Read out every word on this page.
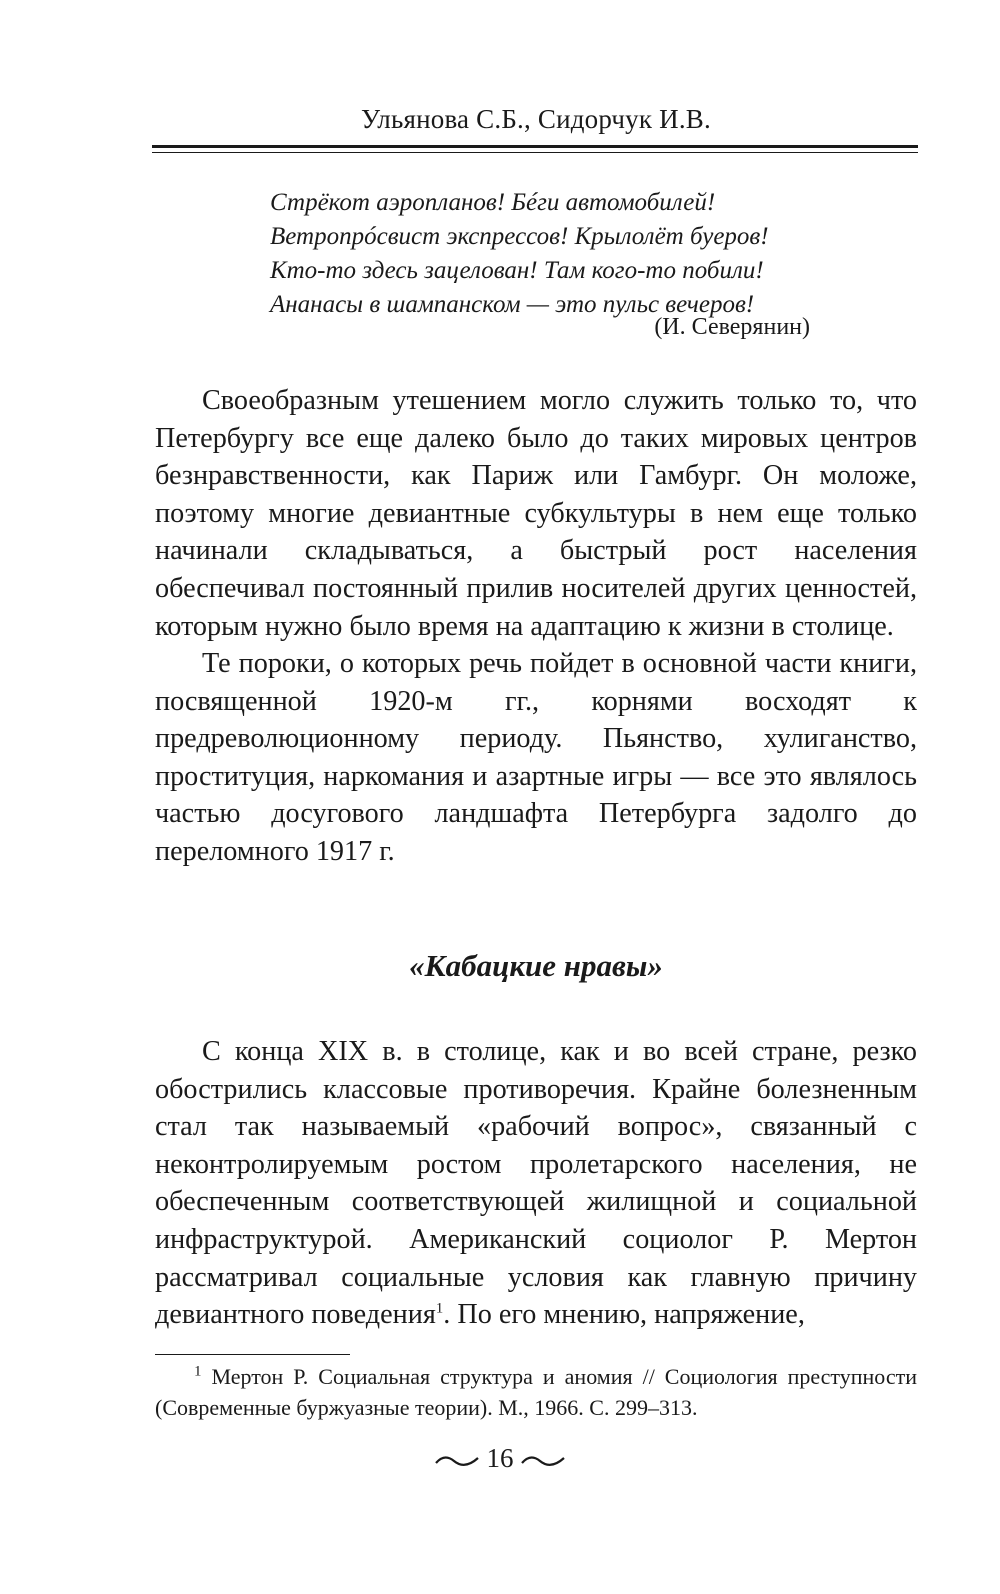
Ульянова С.Б., Сидорчук И.В.
Стрёкот аэропланов! Бéги автомобилей!
Ветропрóсвист экспрессов! Крылолёт буеров!
Кто-то здесь зацелован! Там кого-то побили!
Ананасы в шампанском — это пульс вечеров!
(И. Северянин)
Своеобразным утешением могло служить только то, что Петербургу все еще далеко было до таких мировых центров безнравственности, как Париж или Гамбург. Он моложе, поэтому многие девиантные субкультуры в нем еще только начинали складываться, а быстрый рост населения обеспечивал постоянный прилив носителей других ценностей, которым нужно было время на адаптацию к жизни в столице.
Те пороки, о которых речь пойдет в основной части книги, посвященной 1920-м гг., корнями восходят к предреволюционному периоду. Пьянство, хулиганство, проституция, наркомания и азартные игры — все это являлось частью досугового ландшафта Петербурга задолго до переломного 1917 г.
«Кабацкие нравы»
С конца XIX в. в столице, как и во всей стране, резко обострились классовые противоречия. Крайне болезненным стал так называемый «рабочий вопрос», связанный с неконтролируемым ростом пролетарского населения, не обеспеченным соответствующей жилищной и социальной инфраструктурой. Американский социолог Р. Мертон рассматривал социальные условия как главную причину девиантного поведения$^1$. По его мнению, напряжение,
$^1$ Мертон Р. Социальная структура и аномия // Социология преступности (Современные буржуазные теории). М., 1966. С. 299–313.
16
